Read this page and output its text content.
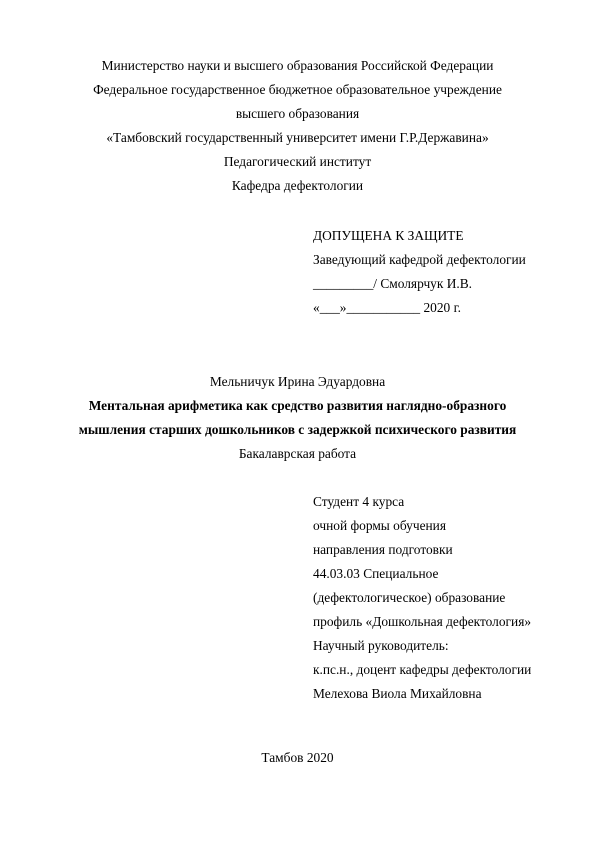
Министерство науки и высшего образования Российской Федерации
Федеральное государственное бюджетное образовательное учреждение
высшего образования
«Тамбовский государственный университет имени Г.Р.Державина»
Педагогический институт
Кафедра дефектологии
ДОПУЩЕНА К ЗАЩИТЕ
Заведующий кафедрой дефектологии
_________/ Смолярчук И.В.
«___»___________ 2020 г.
Мельничук Ирина Эдуардовна
Ментальная арифметика как средство развития наглядно-образного
мышления старших дошкольников с задержкой психического развития
Бакалаврская работа
Студент 4 курса
очной формы обучения
направления подготовки
44.03.03 Специальное
(дефектологическое) образование
профиль «Дошкольная дефектология»
Научный руководитель:
к.пс.н., доцент кафедры дефектологии
Мелехова Виола Михайловна
Тамбов 2020
